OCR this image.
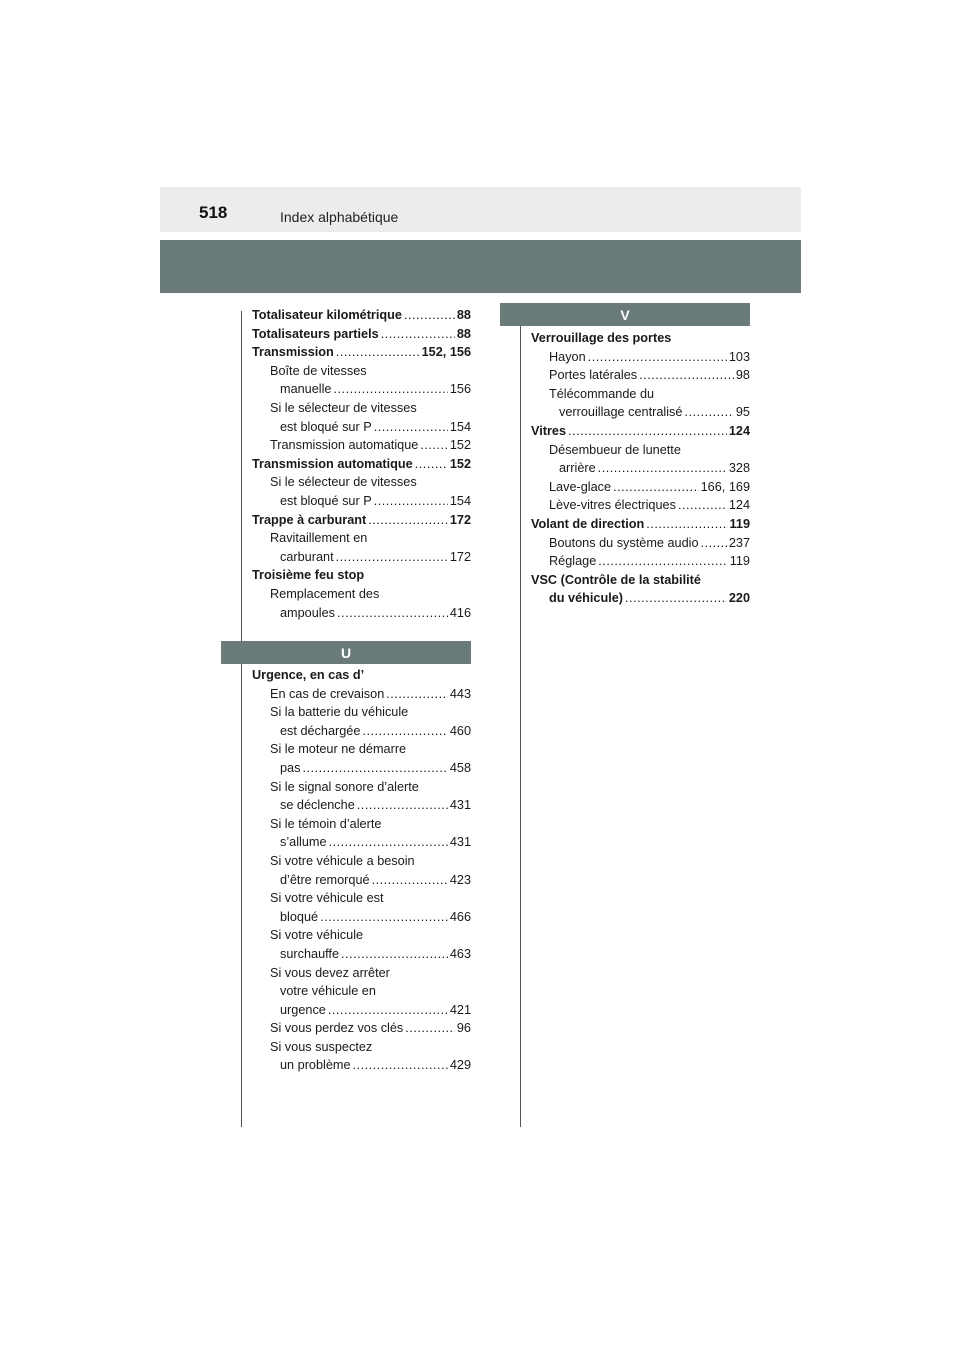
518	Index alphabétique
Totalisateur kilométrique .....	88
Totalisateurs partiels .....	88
Transmission .....	152, 156
Boîte de vitesses
manuelle .....	156
Si le sélecteur de vitesses
est bloqué sur P .....	154
Transmission automatique ..... 152
Transmission automatique .....	152
Si le sélecteur de vitesses
est bloqué sur P .....	154
Trappe à carburant .....	172
Ravitaillement en
carburant .....	172
Troisième feu stop
Remplacement des
ampoules .....	416
U
Urgence, en cas d’
En cas de crevaison .....	443
Si la batterie du véhicule
est déchargée .....	460
Si le moteur ne démarre
pas .....	458
Si le signal sonore d’alerte
se déclenche .....	431
Si le témoin d’alerte
s’allume .....	431
Si votre véhicule a besoin
d’être remorqué .....	423
Si votre véhicule est
bloqué .....	466
Si votre véhicule
surchauffe .....	463
Si vous devez arrêter
votre véhicule en
urgence .....	421
Si vous perdez vos clés .....	96
Si vous suspectez
un problème .....	429
V
Verrouillage des portes
Hayon .....	103
Portes latérales .....	98
Télécommande du
verrouillage centralisé .....	95
Vitres .....	124
Désembueur de lunette
arrière .....	328
Lave-glace .....	166, 169
Lève-vitres électriques .....	124
Volant de direction .....	119
Boutons du système audio ..... 237
Réglage .....	119
VSC (Contrôle de la stabilité
du véhicule) .....	220
